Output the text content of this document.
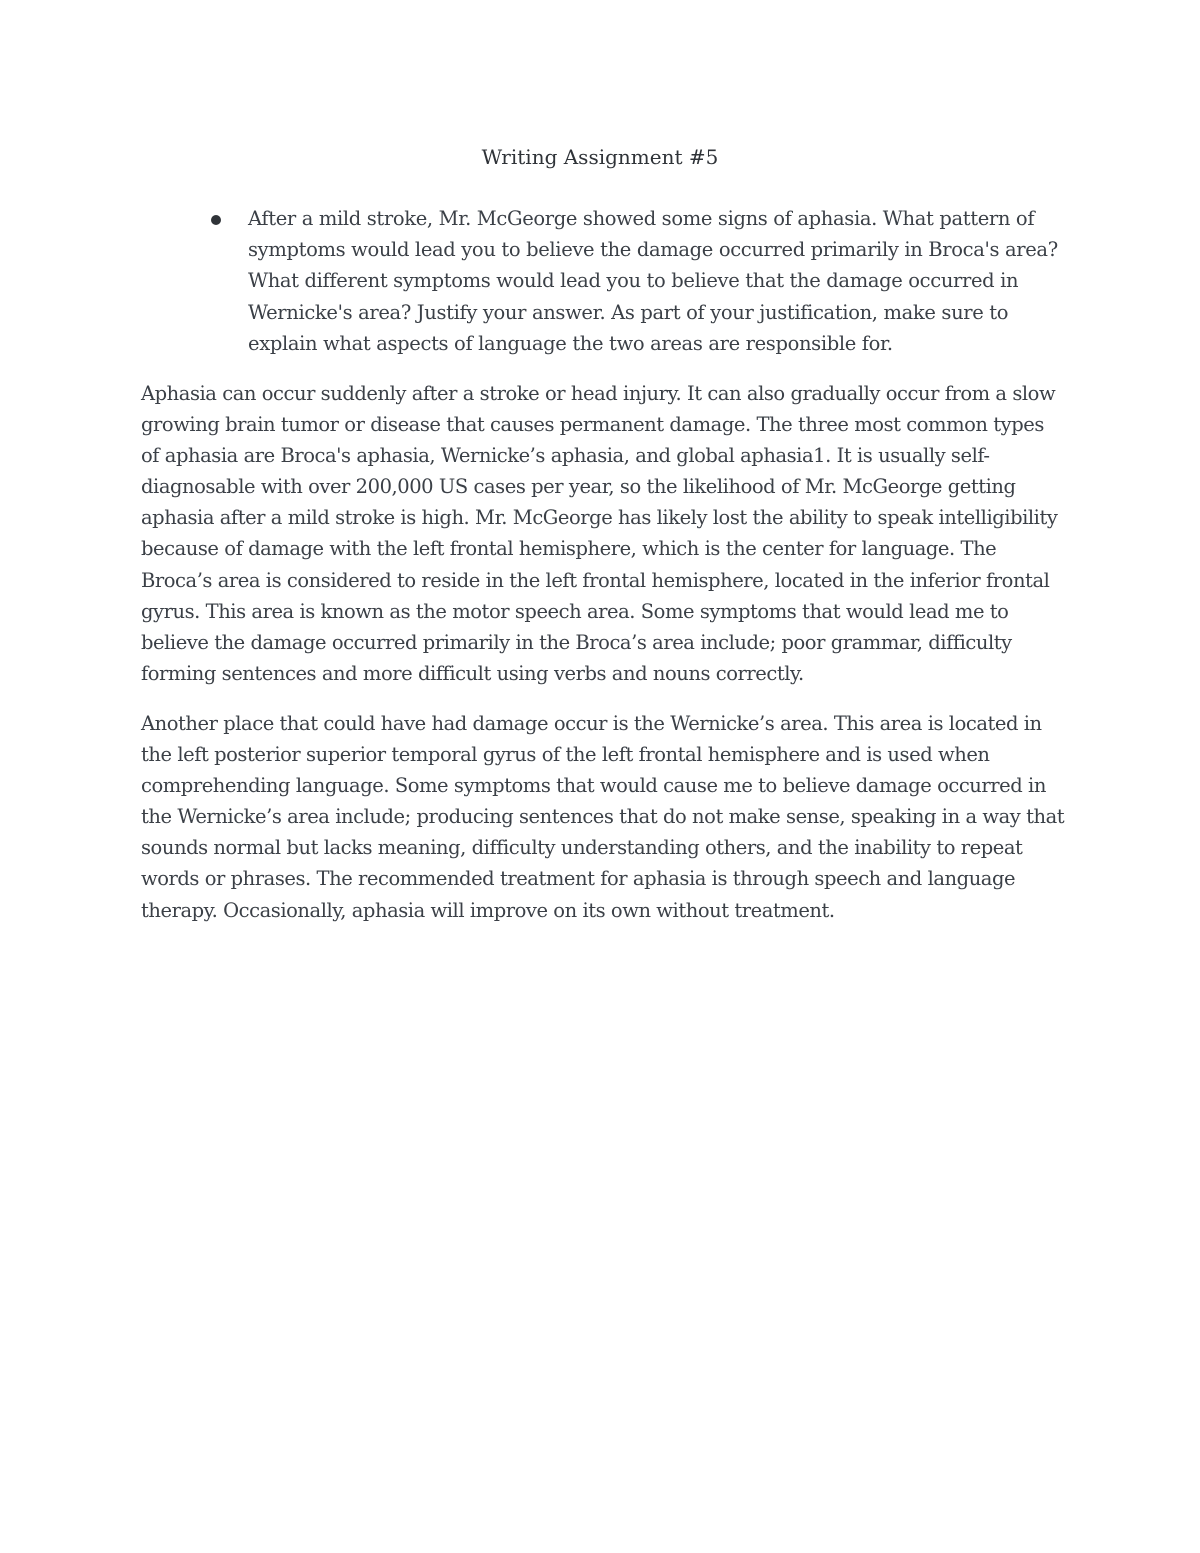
Writing Assignment #5
After a mild stroke, Mr. McGeorge showed some signs of aphasia. What pattern of symptoms would lead you to believe the damage occurred primarily in Broca's area? What different symptoms would lead you to believe that the damage occurred in Wernicke's area? Justify your answer. As part of your justification, make sure to explain what aspects of language the two areas are responsible for.

Aphasia can occur suddenly after a stroke or head injury. It can also gradually occur from a slow growing brain tumor or disease that causes permanent damage. The three most common types of aphasia are Broca's aphasia, Wernicke’s aphasia, and global aphasia1. It is usually self-diagnosable with over 200,000 US cases per year, so the likelihood of Mr. McGeorge getting aphasia after a mild stroke is high. Mr. McGeorge has likely lost the ability to speak intelligibility because of damage with the left frontal hemisphere, which is the center for language. The Broca’s area is considered to reside in the left frontal hemisphere, located in the inferior frontal gyrus. This area is known as the motor speech area. Some symptoms that would lead me to believe the damage occurred primarily in the Broca’s area include; poor grammar, difficulty forming sentences and more difficult using verbs and nouns correctly.

Another place that could have had damage occur is the Wernicke’s area. This area is located in the left posterior superior temporal gyrus of the left frontal hemisphere and is used when comprehending language. Some symptoms that would cause me to believe damage occurred in the Wernicke’s area include; producing sentences that do not make sense, speaking in a way that sounds normal but lacks meaning, difficulty understanding others, and the inability to repeat words or phrases. The recommended treatment for aphasia is through speech and language therapy. Occasionally, aphasia will improve on its own without treatment.
